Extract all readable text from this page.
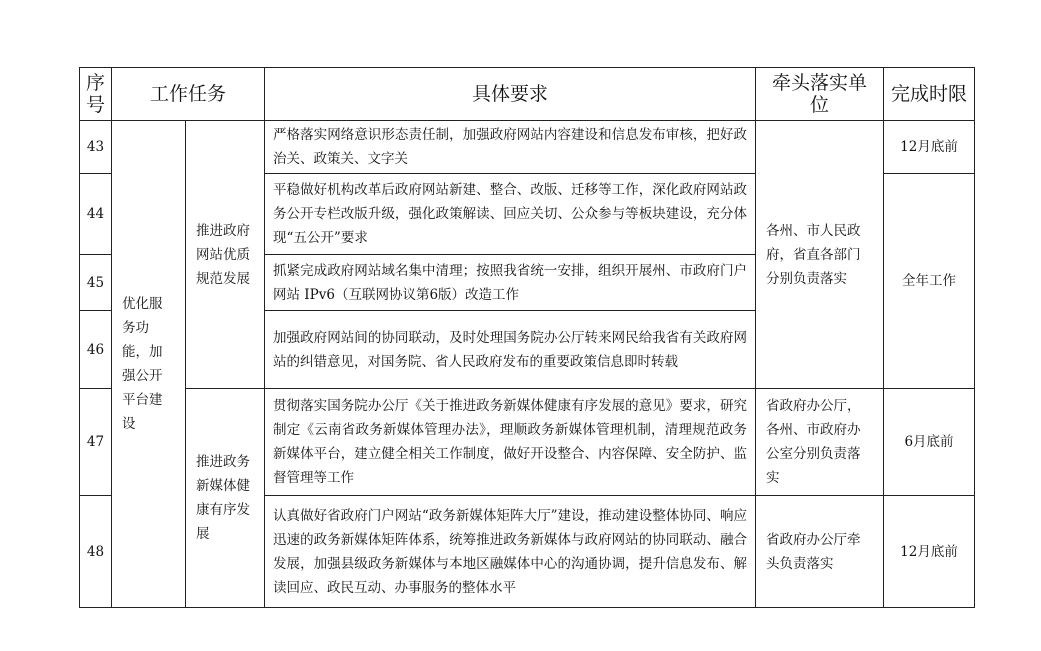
序号	工作任务		具体要求	牵头落实单　　位	完成时限
43	优化服务功能，加强公开平台建设	推进政府网站优质规范发展	严格落实网络意识形态责任制，加强政府网站内容建设和信息发布审核，把好政治关、政策关、文字关	各州、市人民政府，省直各部门分别负责落实	12月底前
44			平稳做好机构改革后政府网站新建、整合、改版、迁移等工作，深化政府网站政务公开专栏改版升级，强化政策解读、回应关切、公众参与等板块建设，充分体现“五公开”要求		全年工作
45			抓紧完成政府网站域名集中清理；按照我省统一安排，组织开展州、市政府门户网站 IPv6（互联网协议第6版）改造工作		
46			加强政府网站间的协同联动，及时处理国务院办公厅转来网民给我省有关政府网站的纠错意见，对国务院、省人民政府发布的重要政策信息即时转载		
47		推进政务新媒体健康有序发展	贯彻落实国务院办公厅《关于推进政务新媒体健康有序发展的意见》要求，研究制定《云南省政务新媒体管理办法》，理顺政务新媒体管理机制，清理规范政务新媒体平台，建立健全相关工作制度，做好开设整合、内容保障、安全防护、监督管理等工作	省政府办公厅，各州、市政府办公室分别负责落实	6月底前
48			认真做好省政府门户网站“政务新媒体矩阵大厅”建设，推动建设整体协同、响应迅速的政务新媒体矩阵体系，统筹推进政务新媒体与政府网站的协同联动、融合发展，加强县级政务新媒体与本地区融媒体中心的沟通协调，提升信息发布、解读回应、政民互动、办事服务的整体水平	省政府办公厅牵头负责落实	12月底前
